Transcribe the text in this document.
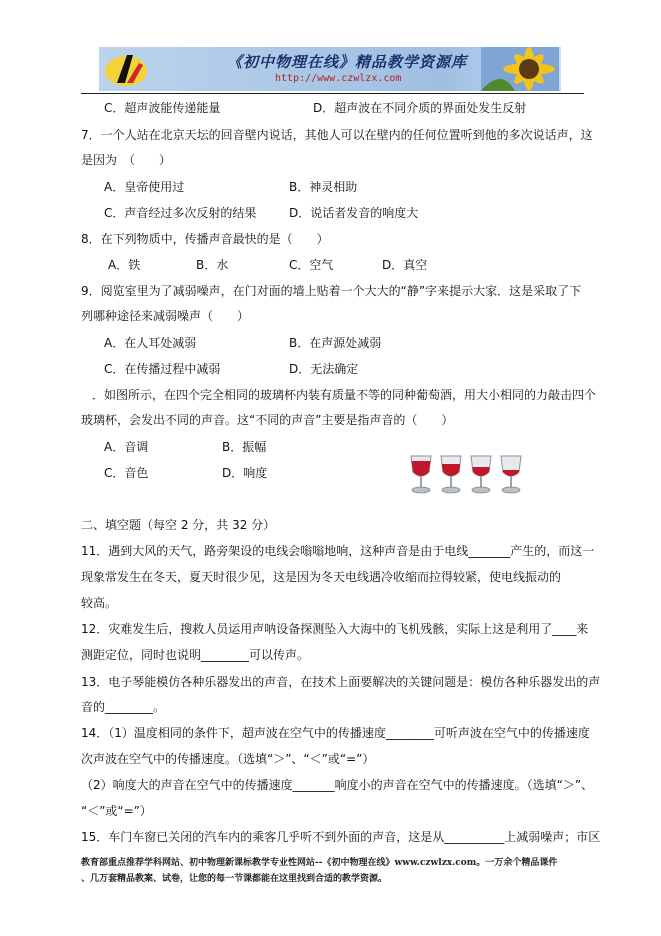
《初中物理在线》精品教学资源库
http://www.czwlzx.com
C．超声波能传递能量	D．超声波在不同介质的界面处发生反射
7．一个人站在北京天坛的回音壁内说话，其他人可以在壁内的任何位置听到他的多次说话声，这
是因为　（　　）
A．皇帝使用过	B．神灵相助
C．声音经过多次反射的结果	D．说话者发音的响度大
8．在下列物质中，传播声音最快的是（　　）
A．铁	B．水	C．空气	D．真空
9．阅览室里为了减弱噪声，在门对面的墙上贴着一个大大的“静”字来提示大家．这是采取了下
列哪种途径来减弱噪声（　　）
A．在人耳处减弱	B．在声源处减弱
C．在传播过程中减弱	D．无法确定
．如图所示，在四个完全相同的玻璃杯内装有质量不等的同种葡萄酒，用大小相同的力敲击四个
玻璃杯，会发出不同的声音。这“不同的声音”主要是指声音的（　　）
A．音调	B．振幅
C．音色	D．响度
二、填空题（每空 2 分，共 32 分）
11．遇到大风的天气，路旁架设的电线会嗡嗡地响，这种声音是由于电线_______产生的，而这一
现象常发生在冬天，夏天时很少见，这是因为冬天电线遇冷收缩而拉得较紧，使电线振动的
较高。
12．灾难发生后，搜救人员运用声呐设备探测坠入大海中的飞机残骸，实际上这是利用了____来
测距定位，同时也说明________可以传声。
13．电子琴能模仿各种乐器发出的声音，在技术上面要解决的关键问题是：模仿各种乐器发出的声
音的________。
14．（1）温度相同的条件下，超声波在空气中的传播速度________可听声波在空气中的传播速度
次声波在空气中的传播速度。（选填“＞”、“＜”或“=”）
（2）响度大的声音在空气中的传播速度_______响度小的声音在空气中的传播速度。（选填“＞”、
“＜”或“=”）
15．车门车窗已关闭的汽车内的乘客几乎听不到外面的声音，这是从__________上减弱噪声；市区
教育部重点推荐学科网站、初中物理新课标教学专业性网站--《初中物理在线》www.czwlzx.com。一万余个精品课件
、几万套精品教案、试卷，让您的每一节课都能在这里找到合适的教学资源。
